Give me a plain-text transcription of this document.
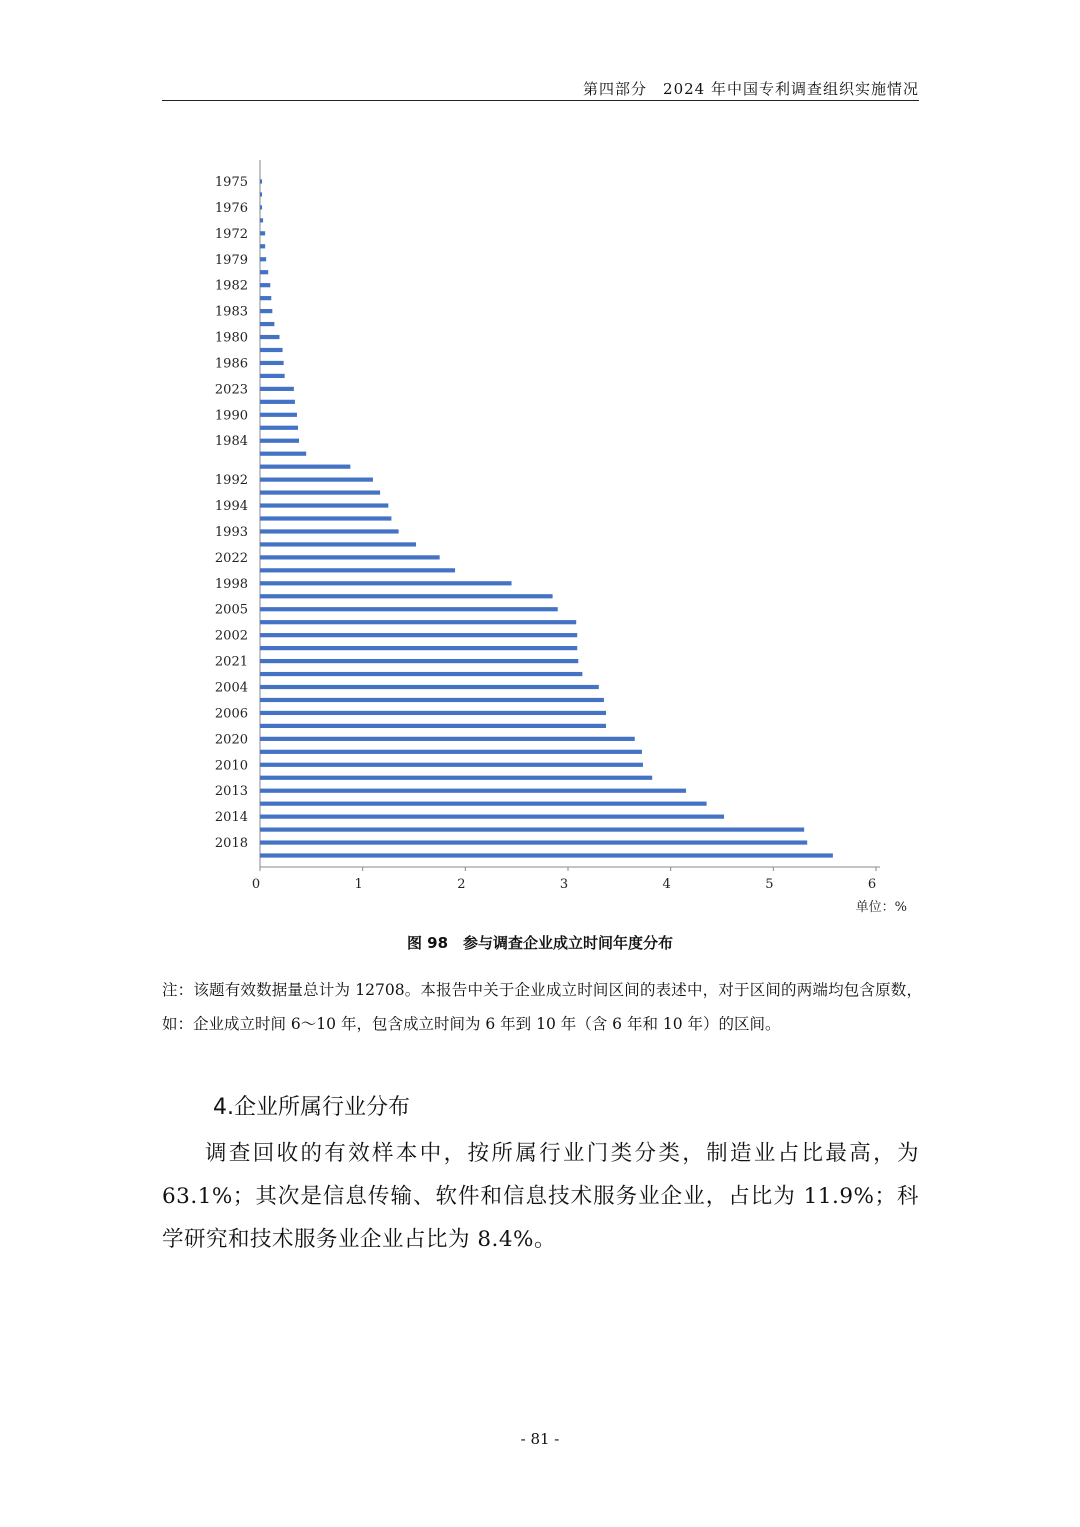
第四部分　2024 年中国专利调查组织实施情况
1975
1976
1972
1979
1982
1983
1980
1986
2023
1990
1984
1992
1994
1993
2022
1998
2005
2002
2021
2004
2006
2020
2010
2013
2014
2018
0	1	2	3	4	5	6
单位：%
图 98　参与调查企业成立时间年度分布
注：该题有效数据量总计为 12708。本报告中关于企业成立时间区间的表述中，对于区间的两端均包含原数，如：企业成立时间 6～10 年，包含成立时间为 6 年到 10 年（含 6 年和 10 年）的区间。
4.企业所属行业分布
调查回收的有效样本中，按所属行业门类分类，制造业占比最高，为 63.1%；其次是信息传输、软件和信息技术服务业企业，占比为 11.9%；科学研究和技术服务业企业占比为 8.4%。
- 81 -
